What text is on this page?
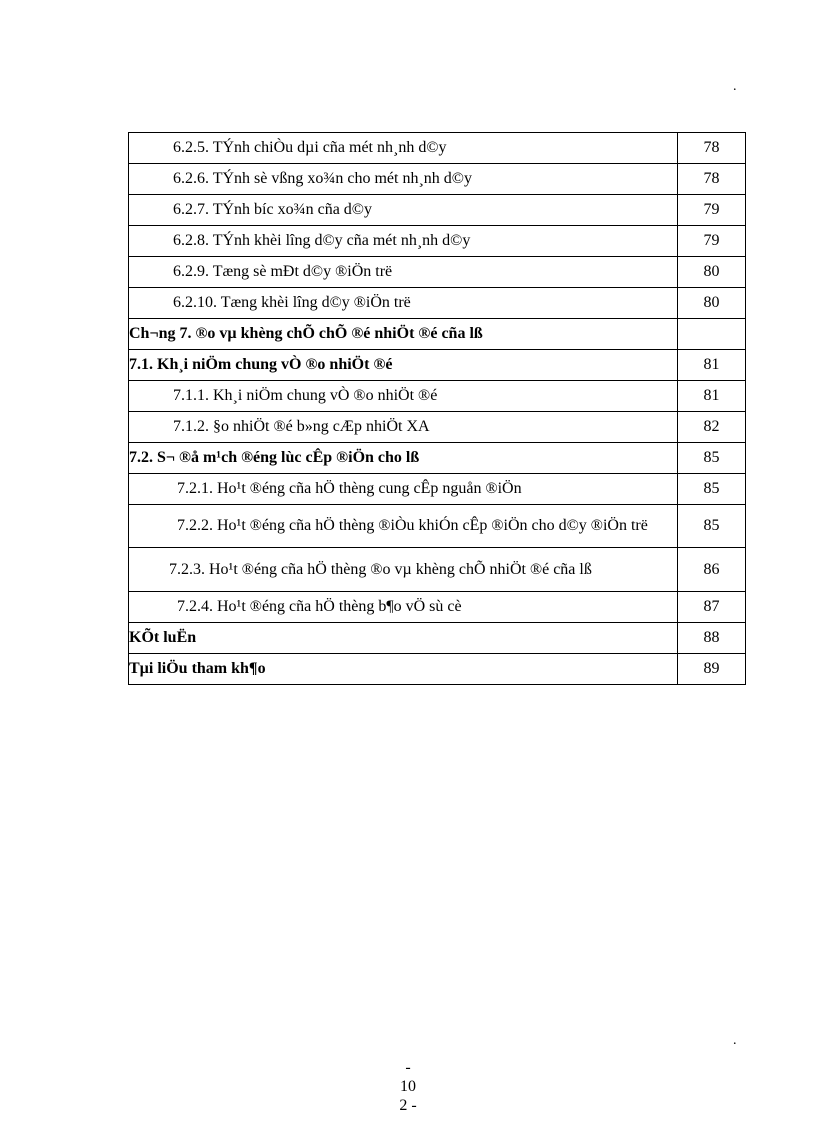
.
6.2.5. TÝnh chiÒu dµi cña mét nh¸nh d©y	78
6.2.6. TÝnh sè vßng xo¾n cho mét nh¸nh d©y	78
6.2.7. TÝnh bíc xo¾n cña d©y	79
6.2.8. TÝnh khèi lîng d©y cña mét nh¸nh d©y	79
6.2.9. Tæng sè mÐt d©y ®iÖn trë	80
6.2.10. Tæng khèi lîng d©y ®iÖn trë	80
Ch¬ng 7. ®o vµ khèng chÕ chÕ ®é nhiÖt ®é cña lß	
7.1. Kh¸i niÖm chung vÒ ®o nhiÖt ®é	81
7.1.1. Kh¸i niÖm chung vÒ ®o nhiÖt ®é	81
7.1.2. §o nhiÖt ®é b»ng cÆp nhiÖt XA	82
7.2. S¬ ®å m¹ch ®éng lùc cÊp ®iÖn cho lß	85
7.2.1. Ho¹t ®éng cña hÖ thèng cung cÊp nguån ®iÖn	85

7.2.2. Ho¹t ®éng cña hÖ thèng ®iÒu khiÓn cÊp ®iÖn cho d©y ®iÖn trë	85

7.2.3. Ho¹t ®éng cña hÖ thèng ®o vµ khèng chÕ nhiÖt ®é cña lß	86
7.2.4. Ho¹t ®éng cña hÖ thèng b¶o vÖ sù cè	87
KÕt luËn	88
Tµi liÖu tham kh¶o	89
.
-
10
2 -
